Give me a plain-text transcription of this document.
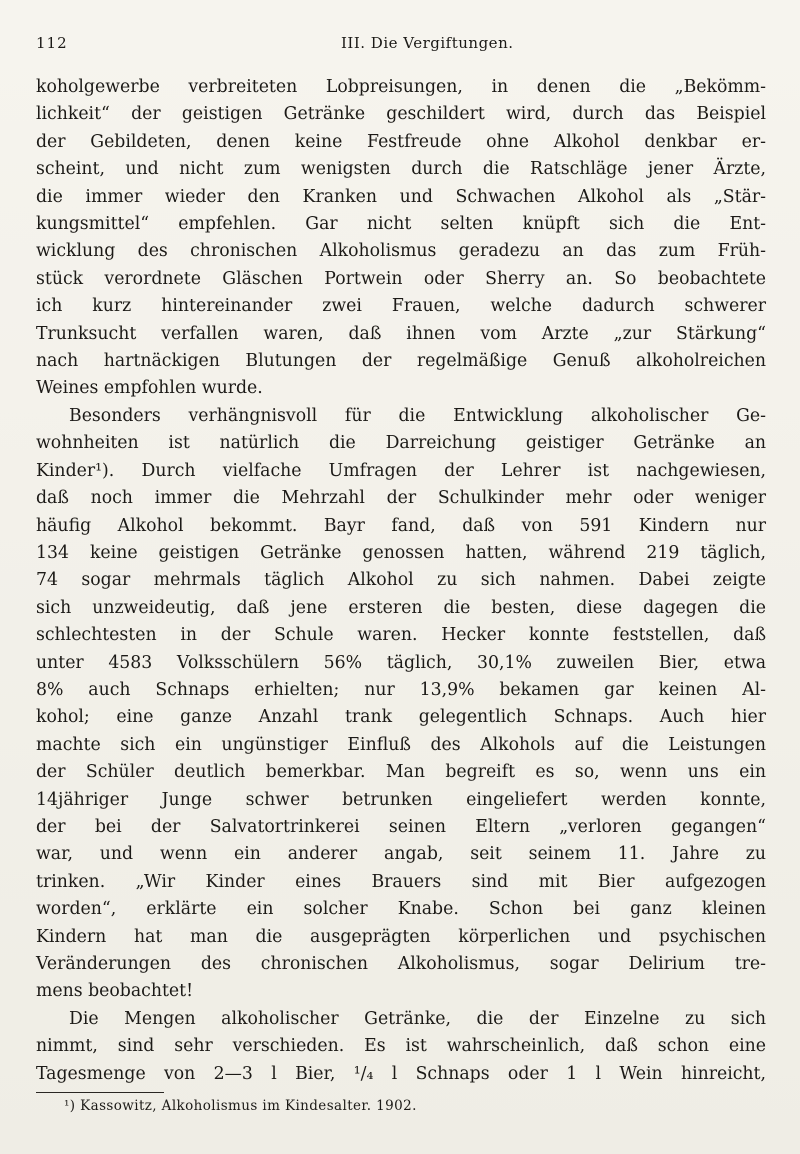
112	III. Die Vergiftungen.
koholgewerbe verbreiteten Lobpreisungen, in denen die „Bekömm-
lichkeit“ der geistigen Getränke geschildert wird, durch das Beispiel
der Gebildeten, denen keine Festfreude ohne Alkohol denkbar er-
scheint, und nicht zum wenigsten durch die Ratschläge jener Ärzte,
die immer wieder den Kranken und Schwachen Alkohol als „Stär-
kungsmittel“ empfehlen. Gar nicht selten knüpft sich die Ent-
wicklung des chronischen Alkoholismus geradezu an das zum Früh-
stück verordnete Gläschen Portwein oder Sherry an. So beobachtete
ich kurz hintereinander zwei Frauen, welche dadurch schwerer
Trunksucht verfallen waren, daß ihnen vom Arzte „zur Stärkung“
nach hartnäckigen Blutungen der regelmäßige Genuß alkoholreichen
Weines empfohlen wurde.
Besonders verhängnisvoll für die Entwicklung alkoholischer Ge-
wohnheiten ist natürlich die Darreichung geistiger Getränke an
Kinder¹). Durch vielfache Umfragen der Lehrer ist nachgewiesen,
daß noch immer die Mehrzahl der Schulkinder mehr oder weniger
häufig Alkohol bekommt. Bayr fand, daß von 591 Kindern nur
134 keine geistigen Getränke genossen hatten, während 219 täglich,
74 sogar mehrmals täglich Alkohol zu sich nahmen. Dabei zeigte
sich unzweideutig, daß jene ersteren die besten, diese dagegen die
schlechtesten in der Schule waren. Hecker konnte feststellen, daß
unter 4583 Volksschülern 56% täglich, 30,1% zuweilen Bier, etwa
8% auch Schnaps erhielten; nur 13,9% bekamen gar keinen Al-
kohol; eine ganze Anzahl trank gelegentlich Schnaps. Auch hier
machte sich ein ungünstiger Einfluß des Alkohols auf die Leistungen
der Schüler deutlich bemerkbar. Man begreift es so, wenn uns ein
14jähriger Junge schwer betrunken eingeliefert werden konnte,
der bei der Salvatortrinkerei seinen Eltern „verloren gegangen“
war, und wenn ein anderer angab, seit seinem 11. Jahre zu
trinken. „Wir Kinder eines Brauers sind mit Bier aufgezogen
worden“, erklärte ein solcher Knabe. Schon bei ganz kleinen
Kindern hat man die ausgeprägten körperlichen und psychischen
Veränderungen des chronischen Alkoholismus, sogar Delirium tre-
mens beobachtet!
Die Mengen alkoholischer Getränke, die der Einzelne zu sich
nimmt, sind sehr verschieden. Es ist wahrscheinlich, daß schon eine
Tagesmenge von 2—3 l Bier, ¹/₄ l Schnaps oder 1 l Wein hinreicht,
¹) Kassowitz, Alkoholismus im Kindesalter. 1902.
